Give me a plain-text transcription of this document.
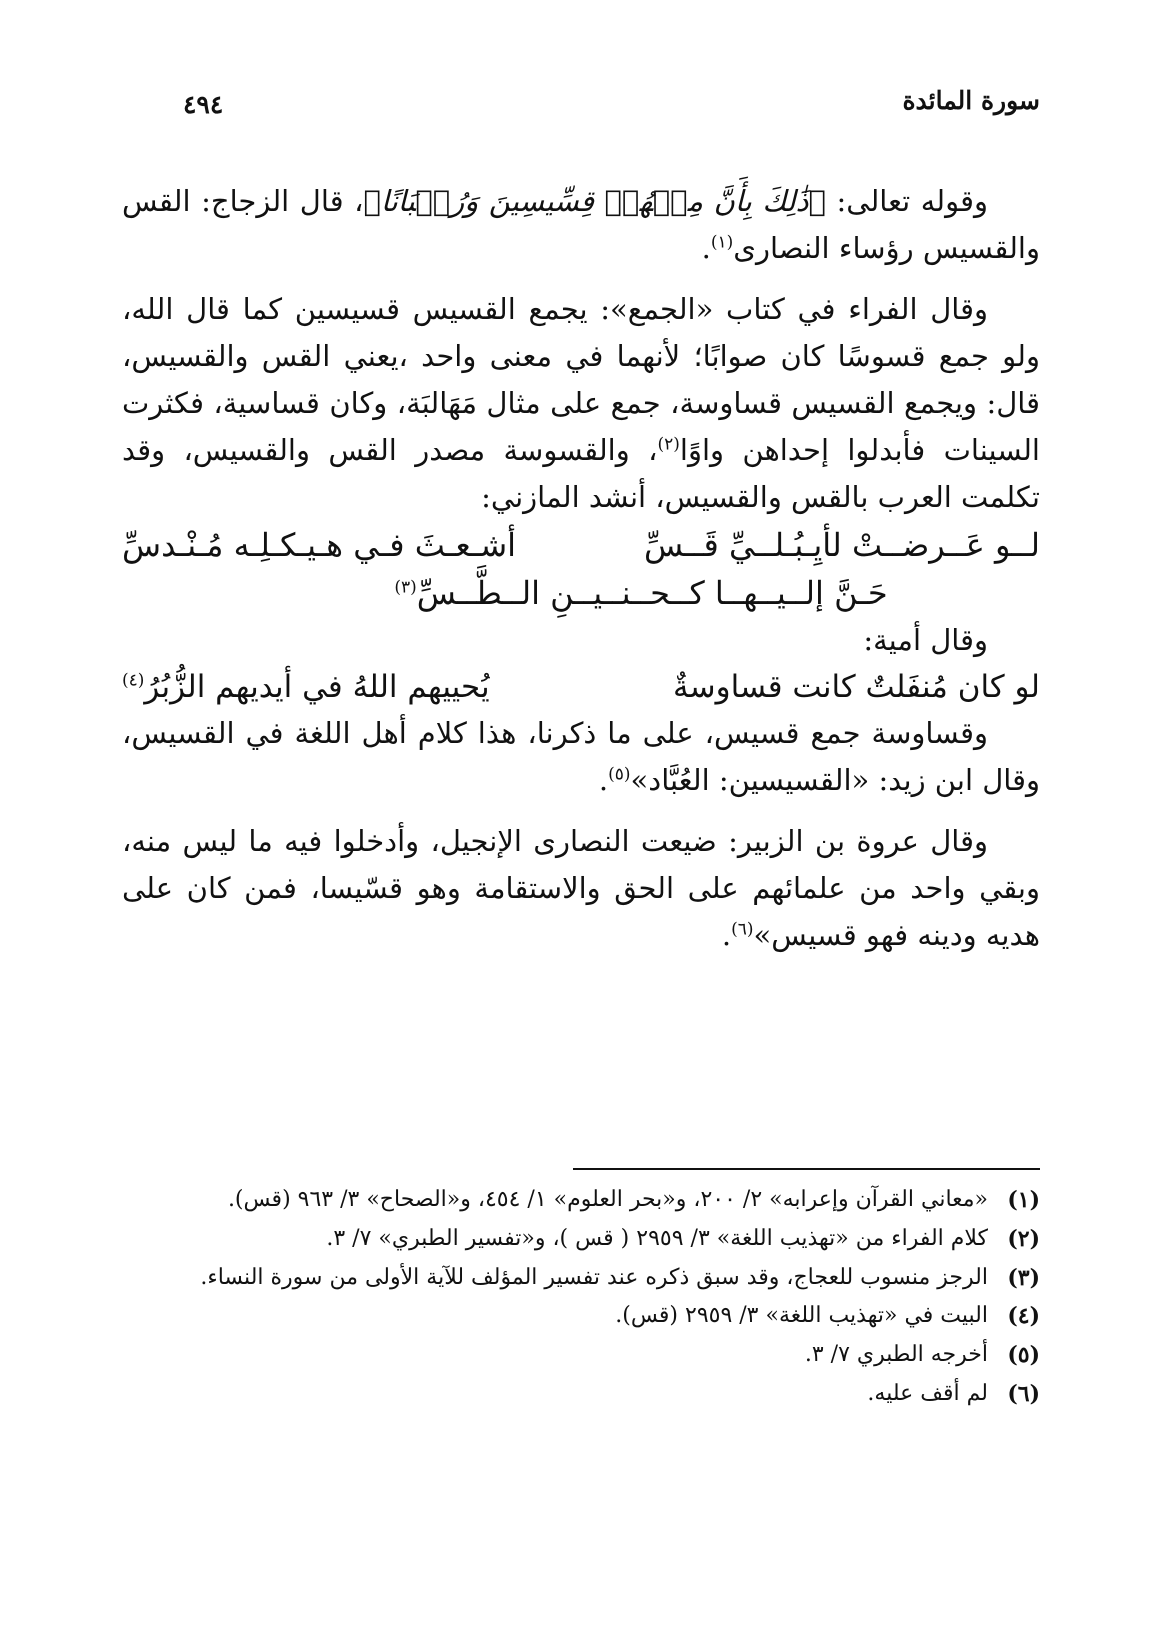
سورة المائدة
٤٩٤

وقوله تعالى: ﴿ذَٰلِكَ بِأَنَّ مِنۡهُمۡ قِسِّيسِينَ وَرُهۡبَانًا﴾، قال الزجاج: القس والقسيس رؤساء النصارى$^{(١)}$.

وقال الفراء في كتاب «الجمع»: يجمع القسيس قسيسين كما قال الله، ولو جمع قسوسًا كان صوابًا؛ لأنهما في معنى واحد ،يعني القس والقسيس، قال: ويجمع القسيس قساوسة، جمع على مثال مَهَالبَة، وكان قساسية، فكثرت السينات فأبدلوا إحداهن واوًا$^{(٢)}$، والقسوسة مصدر القس والقسيس، وقد تكلمت العرب بالقس والقسيس، أنشد المازني:

لــو عَــرضــتْ لأيِـبُـلــيِّ قَــسِّ
أشـعـثَ فـي هـيـكـلِـه مُـنْـدسِّ
حَـنَّ إلــيــهــا كــحــنــيــنِ الــطَّــسِّ$^{(٣)}$

وقال أمية:

لو كان مُنفَلتٌ كانت قساوسةٌ
يُحييهم اللهُ في أيديهم الزُّبُرُ$^{(٤)}$

وقساوسة جمع قسيس، على ما ذكرنا، هذا كلام أهل اللغة في القسيس، وقال ابن زيد: «القسيسين: العُبَّاد»$^{(٥)}$.

وقال عروة بن الزبير: ضيعت النصارى الإنجيل، وأدخلوا فيه ما ليس منه، وبقي واحد من علمائهم على الحق والاستقامة وهو قسّيسا، فمن كان على هديه ودينه فهو قسيس»$^{(٦)}$.

(١)
«معاني القرآن وإعرابه» ٢/ ٢٠٠، و«بحر العلوم» ١/ ٤٥٤، و«الصحاح» ٣/ ٩٦٣ (قس).
(٢)
كلام الفراء من «تهذيب اللغة» ٣/ ٢٩٥٩ ( قس )، و«تفسير الطبري» ٧/ ٣.
(٣)
الرجز منسوب للعجاج، وقد سبق ذكره عند تفسير المؤلف للآية الأولى من سورة النساء.
(٤)
البيت في «تهذيب اللغة» ٣/ ٢٩٥٩ (قس).
(٥)
أخرجه الطبري ٧/ ٣.
(٦)
لم أقف عليه.
